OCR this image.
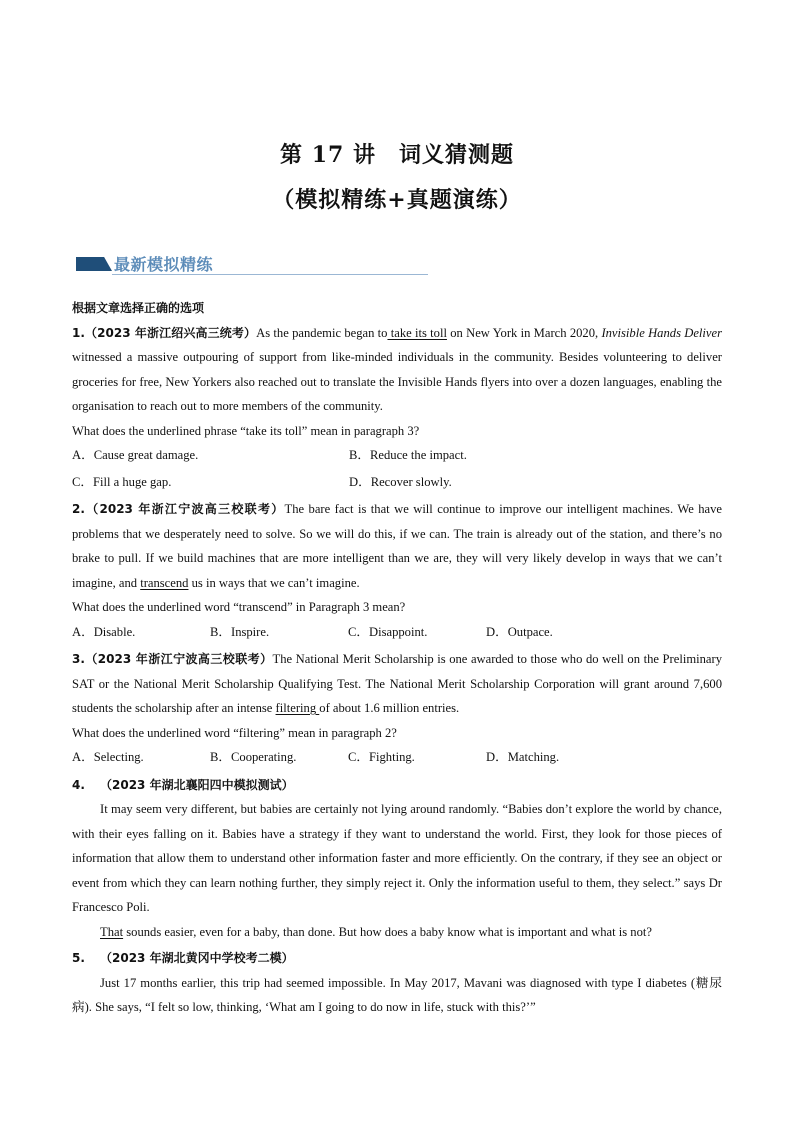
第 17 讲　词义猜测题
（模拟精练+真题演练）
最新模拟精练

根据文章选择正确的选项

1.（2023 年浙江绍兴高三统考）As the pandemic began to take its toll on New York in March 2020, Invisible Hands Deliver witnessed a massive outpouring of support from like-minded individuals in the community. Besides volunteering to deliver groceries for free, New Yorkers also reached out to translate the Invisible Hands flyers into over a dozen languages, enabling the organisation to reach out to more members of the community.

What does the underlined phrase “take its toll” mean in paragraph 3?

A．Cause great damage.	B．Reduce the impact.
C．Fill a huge gap.	D．Recover slowly.

2.（2023 年浙江宁波高三校联考）The bare fact is that we will continue to improve our intelligent machines. We have problems that we desperately need to solve. So we will do this, if we can. The train is already out of the station, and there’s no brake to pull. If we build machines that are more intelligent than we are, they will very likely develop in ways that we can’t imagine, and transcend us in ways that we can’t imagine.

What does the underlined word “transcend” in Paragraph 3 mean?

A．Disable.	B．Inspire.	C．Disappoint.	D．Outpace.

3.（2023 年浙江宁波高三校联考）The National Merit Scholarship is one awarded to those who do well on the Preliminary SAT or the National Merit Scholarship Qualifying Test. The National Merit Scholarship Corporation will grant around 7,600 students the scholarship after an intense filtering of about 1.6 million entries.

What does the underlined word “filtering” mean in paragraph 2?

A．Selecting.	B．Cooperating.	C．Fighting.	D．Matching.

4. （2023 年湖北襄阳四中模拟测试）

It may seem very different, but babies are certainly not lying around randomly. “Babies don’t explore the world by chance, with their eyes falling on it. Babies have a strategy if they want to understand the world. First, they look for those pieces of information that allow them to understand other information faster and more efficiently. On the contrary, if they see an object or event from which they can learn nothing further, they simply reject it. Only the information useful to them, they select.” says Dr Francesco Poli.

That sounds easier, even for a baby, than done. But how does a baby know what is important and what is not?

5. （2023 年湖北黄冈中学校考二模）

Just 17 months earlier, this trip had seemed impossible. In May 2017, Mavani was diagnosed with type I diabetes (糖尿病). She says, “I felt so low, thinking, ‘What am I going to do now in life, stuck with this?’”
